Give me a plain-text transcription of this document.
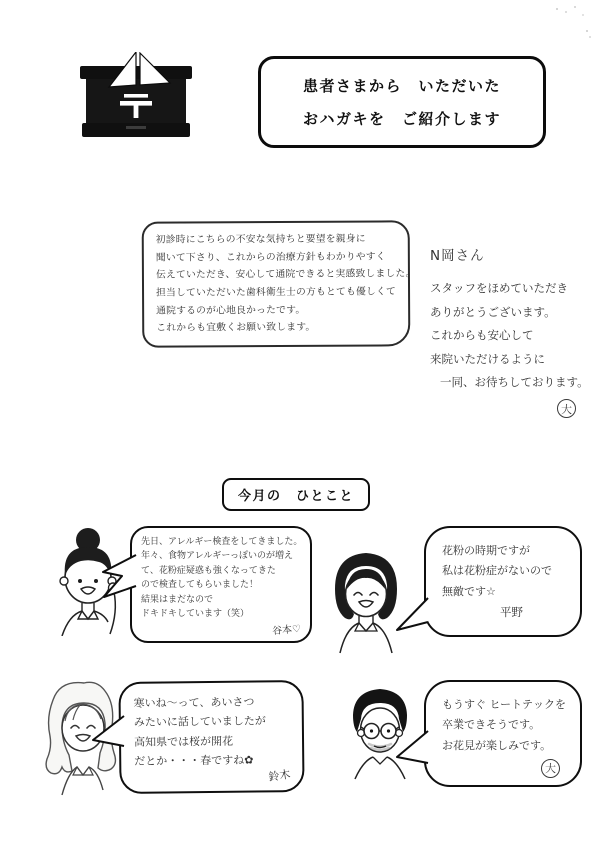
患者さまから　いただいた
おハガキを　ご紹介します
初診時にこちらの不安な気持ちと要望を親身に
聞いて下さり、これからの治療方針もわかりやすく
伝えていただき、安心して通院できると実感致しました。
担当していただいた歯科衛生士の方もとても優しくて
通院するのが心地良かったです。
これからも宜敷くお願い致します。
N岡さん
スタッフをほめていただき
ありがとうございます。
これからも安心して
来院いただけるように
一同、お待ちしております。
大
今月の　ひとこと
先日、アレルギー検査をしてきました。
年々、食物アレルギーっぽいのが増え
て、花粉症疑惑も強くなってきた
ので検査してもらいました！
結果はまだなので
ドキドキしています（笑）
谷本♡
花粉の時期ですが
私は花粉症がないので
無敵です☆
平野
寒いね〜って、あいさつ
みたいに話していましたが
高知県では桜が開花
だとか・・・春ですね✿
鈴木
もうすぐ ヒートテックを
卒業できそうです。
お花見が楽しみです。
大
